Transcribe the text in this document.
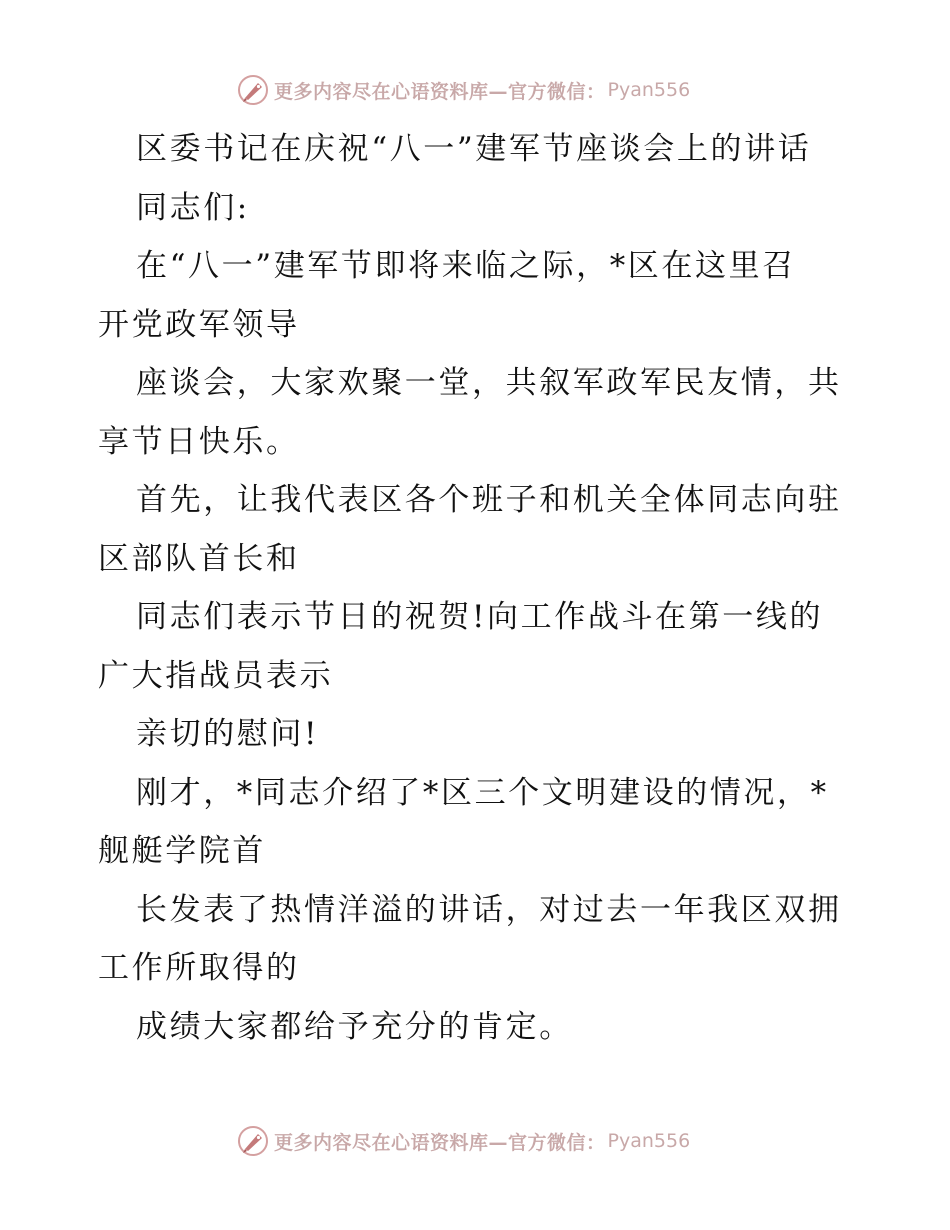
更多内容尽在心语资料库—官方微信： Pyan556
区委书记在庆祝“八一”建军节座谈会上的讲话
同志们:
在“八一”建军节即将来临之际，*区在这里召
开党政军领导
座谈会，大家欢聚一堂，共叙军政军民友情，共
享节日快乐。
首先，让我代表区各个班子和机关全体同志向驻
区部队首长和
同志们表示节日的祝贺!向工作战斗在第一线的
广大指战员表示
亲切的慰问!
刚才，*同志介绍了*区三个文明建设的情况，*
舰艇学院首
长发表了热情洋溢的讲话，对过去一年我区双拥
工作所取得的
成绩大家都给予充分的肯定。
更多内容尽在心语资料库—官方微信： Pyan556
